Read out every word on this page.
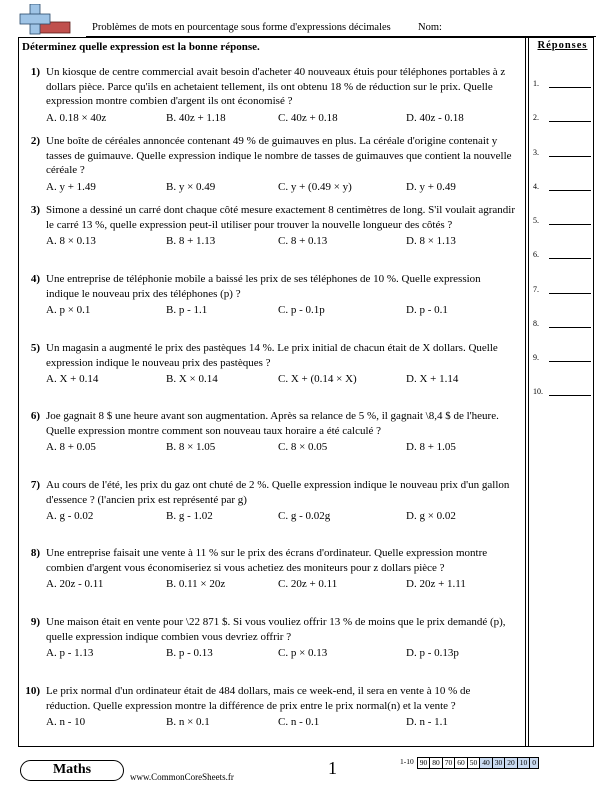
Problèmes de mots en pourcentage sous forme d'expressions décimales	Nom:
Déterminez quelle expression est la bonne réponse.	Réponses
1.
2.
3.
4.
5.
6.
7.
8.
9.
10.
1) Un kiosque de centre commercial avait besoin d'acheter 40 nouveaux étuis pour téléphones portables à z dollars pièce. Parce qu'ils en achetaient tellement, ils ont obtenu 18 % de réduction sur le prix. Quelle expression montre combien d'argent ils ont économisé ?
A. 0.18 × 40z	B. 40z + 1.18	C. 40z + 0.18	D. 40z - 0.18
2) Une boîte de céréales annoncée contenant 49 % de guimauves en plus. La céréale d'origine contenait y tasses de guimauve. Quelle expression indique le nombre de tasses de guimauves que contient la nouvelle céréale ?
A. y + 1.49	B. y × 0.49	C. y + (0.49 × y)	D. y + 0.49
3) Simone a dessiné un carré dont chaque côté mesure exactement 8 centimètres de long. S'il voulait agrandir le carré 13 %, quelle expression peut-il utiliser pour trouver la nouvelle longueur des côtés ?
A. 8 × 0.13	B. 8 + 1.13	C. 8 + 0.13	D. 8 × 1.13
4) Une entreprise de téléphonie mobile a baissé les prix de ses téléphones de 10 %. Quelle expression indique le nouveau prix des téléphones (p) ?
A. p × 0.1	B. p - 1.1	C. p - 0.1p	D. p - 0.1
5) Un magasin a augmenté le prix des pastèques 14 %. Le prix initial de chacun était de X dollars. Quelle expression indique le nouveau prix des pastèques ?
A. X + 0.14	B. X × 0.14	C. X + (0.14 × X)	D. X + 1.14
6) Joe gagnait 8 $ une heure avant son augmentation. Après sa relance de 5 %, il gagnait \8,4 $ de l'heure. Quelle expression montre comment son nouveau taux horaire a été calculé ?
A. 8 + 0.05	B. 8 × 1.05	C. 8 × 0.05	D. 8 + 1.05
7) Au cours de l'été, les prix du gaz ont chuté de 2 %. Quelle expression indique le nouveau prix d'un gallon d'essence ? (l'ancien prix est représenté par g)
A. g - 0.02	B. g - 1.02	C. g - 0.02g	D. g × 0.02
8) Une entreprise faisait une vente à 11 % sur le prix des écrans d'ordinateur. Quelle expression montre combien d'argent vous économiseriez si vous achetiez des moniteurs pour z dollars pièce ?
A. 20z - 0.11	B. 0.11 × 20z	C. 20z + 0.11	D. 20z + 1.11
9) Une maison était en vente pour \22 871 $. Si vous vouliez offrir 13 % de moins que le prix demandé (p), quelle expression indique combien vous devriez offrir ?
A. p - 1.13	B. p - 0.13	C. p × 0.13	D. p - 0.13p
10) Le prix normal d'un ordinateur était de 484 dollars, mais ce week-end, il sera en vente à 10 % de réduction. Quelle expression montre la différence de prix entre le prix normal(n) et la vente ?
A. n - 10	B. n × 0.1	C. n - 0.1	D. n - 1.1
Maths	www.CommonCoreSheets.fr	1	1-10 90 80 70 60 50 40 30 20 10 0
